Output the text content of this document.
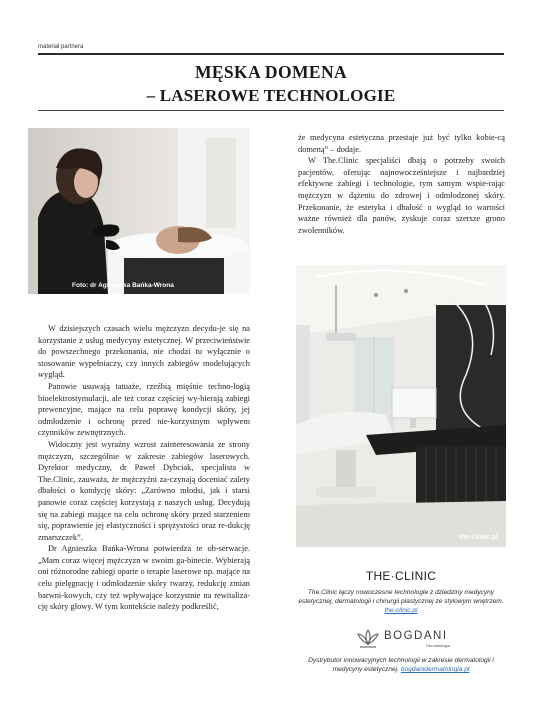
materiał partnera
MĘSKA DOMENA
– LASEROWE TECHNOLOGIE
Foto: dr Agnieszka Bańka-Wrona

W dzisiejszych czasach wielu mężczyzn decydu-je się na korzystanie z usług medycyny estetycznej. W przeciwieństwie do powszechnego przekonania, nie chodzi tu wyłącznie o stosowanie wypełniaczy, czy innych zabiegów modelujących wygląd.

Panowie usuwają tatuaże, rzeźbią mięśnie techno-logią bioelektrostymulacji, ale też coraz częściej wy-bierają zabiegi prewencyjne, mające na celu poprawę kondycji skóry, jej odmłodzenie i ochronę przed nie-korzystnym wpływem czynników zewnętrznych.

Widoczny jest wyraźny wzrost zainteresowania ze strony mężczyzn, szczególnie w zakresie zabiegów laserowych. Dyrektor medyczny, dr Paweł Dybciak, specjalista w The.Clinic, zauważa, że mężczyźni za-czynają doceniać zalety dbałości o kondycję skóry: „Zarówno młodsi, jak i starsi panowie coraz częściej korzystają z naszych usług. Decydują się na zabiegi mające na celu ochronę skóry przed starzeniem się, poprawienie jej elastyczności i sprężystości oraz re-dukcję zmarszczek”.

Dr Agnieszka Bańka-Wrona potwierdza te ob-serwacje. „Mam coraz więcej mężczyzn w swoim ga-binecie. Wybierają oni różnorodne zabiegi oparte o terapie laserowe np. mające na celu pielęgnację i odmłodzenie skóry twarzy, redukcję zmian barwni-kowych, czy też wpływające korzystnie na rewitaliza-cję skóry głowy. W tym kontekście należy podkreślić,

że medycyna estetyczna przestaje już być tylko kobie-cą domeną” – dodaje.

W The.Clinic specjaliści dbają o potrzeby swoich pacjentów, oferując najnowocześniejsze i najbardziej efektywne zabiegi i technologie, tym samym wspie-rając mężczyzn w dążeniu do zdrowej i odmłodzonej skóry. Przekonanie, że estetyka i dbałość o wygląd to wartości ważne również dla panów, zyskuje coraz szersze grono zwolenników.

the-clinic.pl
THE·CLINIC
The.Clinic łączy nowoczesne technologie z dziedziny medycyny estetycznej, dermatologii i chirurgii plastycznej ze stylowym wnętrzem. the-clinic.pl
BOGDANI
Dermatologia
Dystrybutor innowacyjnych technologii w zakresie dermatologii i medycyny estetycznej. bogdanidermatologia.pl
